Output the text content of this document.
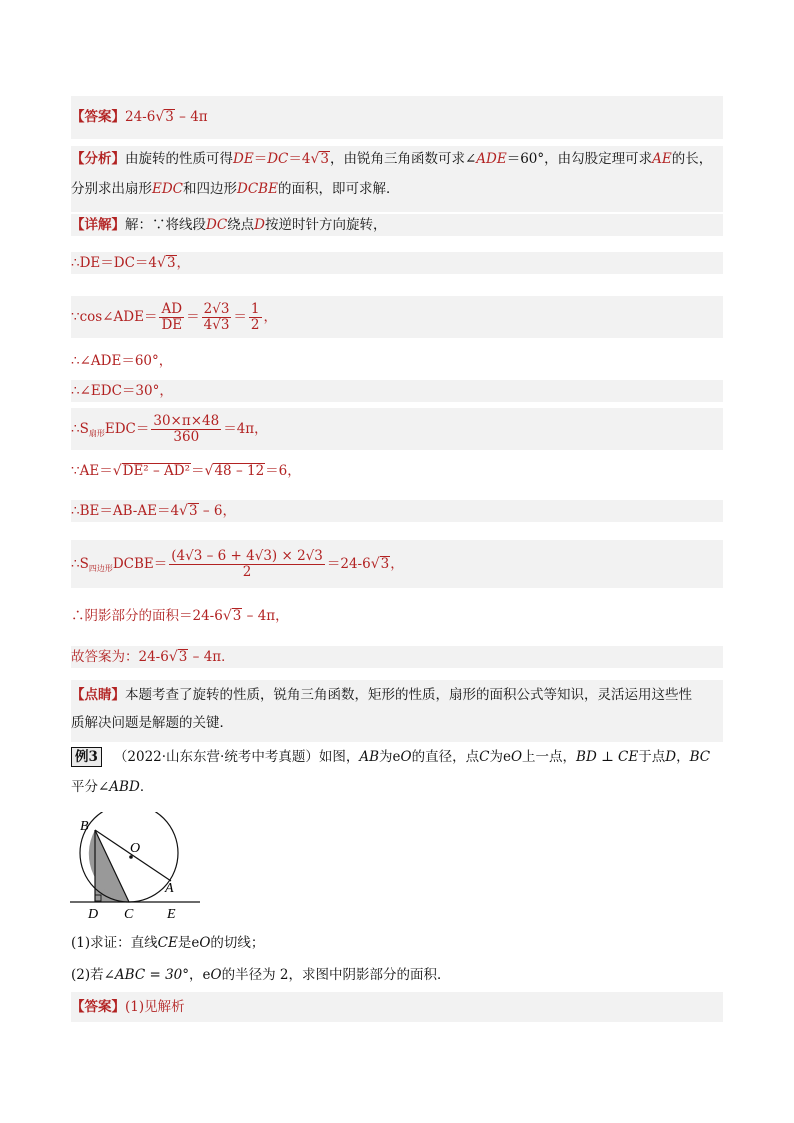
【答案】24-6√3 – 4π
【分析】由旋转的性质可得DE＝DC＝4√3，由锐角三角函数可求∠ADE＝60°，由勾股定理可求AE的长，
分别求出扇形EDC和四边形DCBE的面积，即可求解．
【详解】解：∵将线段DC绕点D按逆时针方向旋转，
∴DE＝DC＝4√3，
∵cos∠ADE＝ $\frac{AD}{DE} = \frac{2√3}{4√3} = \frac{1}{2}$ ，
∴∠ADE＝60°，
∴∠EDC＝30°，
$\therefore S_{扇形}EDC= \frac{30\times\pi\times 48}{360} =4\pi$，
∵AE＝√DE² – AD²＝√48 – 12＝6，
∴BE＝AB-AE＝4√3 – 6，
$\therefore S_{四边形}DCBE= \frac{(4√3 - 6 + 4√3) \times 2√3}{2} =24-6√3$，
∴阴影部分的面积＝24-6√3 – 4π，
故答案为：24-6√3 – 4π．
【点睛】本题考查了旋转的性质，锐角三角函数，矩形的性质，扇形的面积公式等知识，灵活运用这些性
质解决问题是解题的关键．
例3 （2022·山东东营·统考中考真题）如图，AB为eO的直径，点C为eO上一点，BD ⊥ CE于点D，BC
平分∠ABD．
B
O
A
D C E
(1)求证：直线CE是eO的切线；
(2)若∠ABC = 30°，eO的半径为 2，求图中阴影部分的面积．
【答案】(1)见解析
